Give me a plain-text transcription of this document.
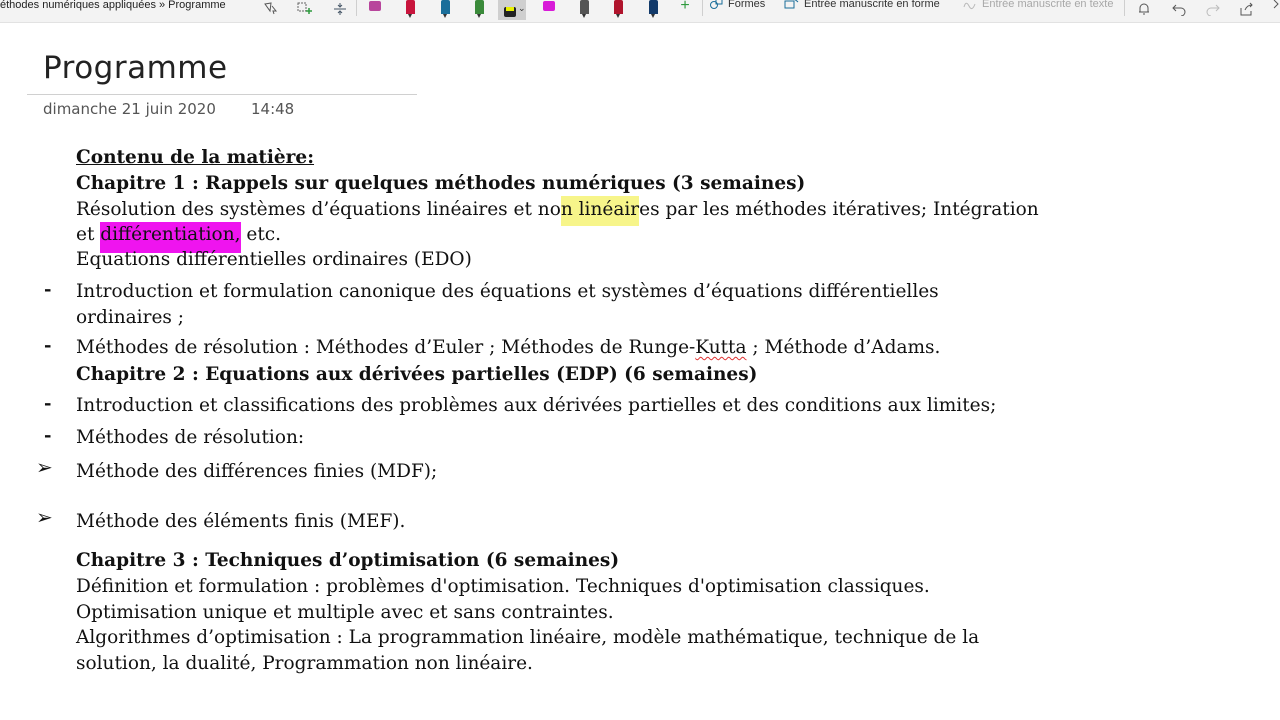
éthodes numériques appliquées » Programme	⌄	+	Formes	Entrée manuscrite en forme	Entrée manuscrite en texte
Programme
dimanche 21 juin 2020 14:48
Contenu de la matière:
Chapitre 1 : Rappels sur quelques méthodes numériques (3 semaines)
Résolution des systèmes d’équations linéaires et non linéaires par les méthodes itératives; Intégration
et différentiation, etc.
Equations différentielles ordinaires (EDO)
- Introduction et formulation canonique des équations et systèmes d’équations différentielles
ordinaires ;
- Méthodes de résolution : Méthodes d’Euler ; Méthodes de Runge-Kutta ; Méthode d’Adams.
Chapitre 2 : Equations aux dérivées partielles (EDP) (6 semaines)
- Introduction et classifications des problèmes aux dérivées partielles et des conditions aux limites;
- Méthodes de résolution:
➢ Méthode des différences finies (MDF);
➢ Méthode des éléments finis (MEF).
Chapitre 3 : Techniques d’optimisation (6 semaines)
Définition et formulation : problèmes d'optimisation. Techniques d'optimisation classiques.
Optimisation unique et multiple avec et sans contraintes.
Algorithmes d’optimisation : La programmation linéaire, modèle mathématique, technique de la
solution, la dualité, Programmation non linéaire.
